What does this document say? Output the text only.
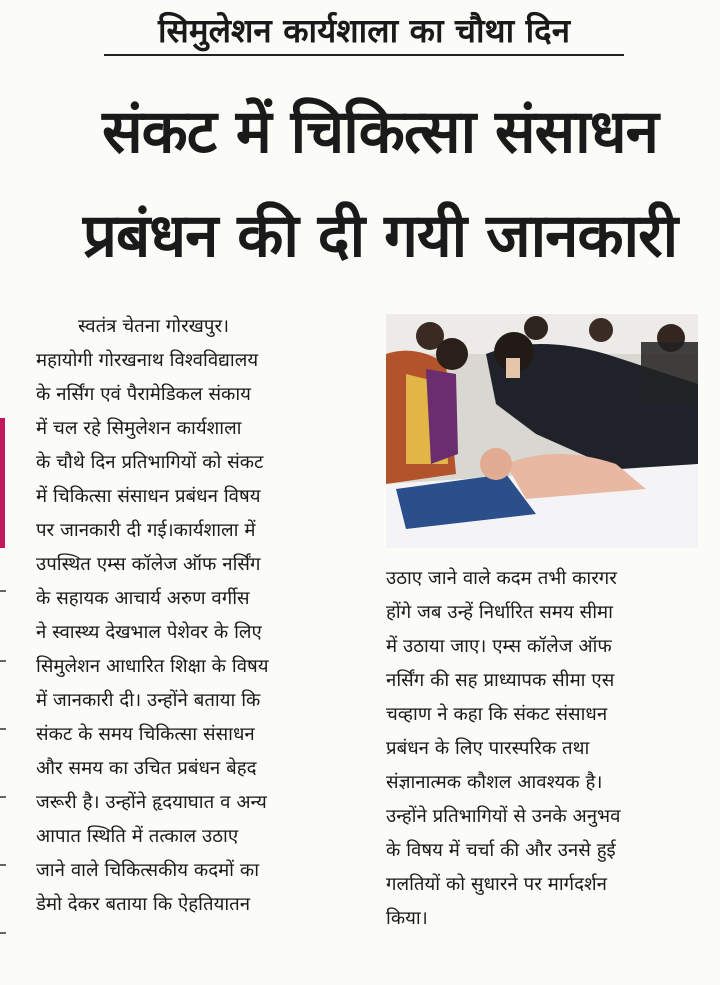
सिमुलेशन कार्यशाला का चौथा दिन
संकट में चिकित्सा संसाधन
प्रबंधन की दी गयी जानकारी
स्वतंत्र चेतना गोरखपुर।
महायोगी गोरखनाथ विश्वविद्यालय
के नर्सिंग एवं पैरामेडिकल संकाय
में चल रहे सिमुलेशन कार्यशाला
के चौथे दिन प्रतिभागियों को संकट
में चिकित्सा संसाधन प्रबंधन विषय
पर जानकारी दी गई।कार्यशाला में
उपस्थित एम्स कॉलेज ऑफ नर्सिंग
के सहायक आचार्य अरुण वर्गीस
ने स्वास्थ्य देखभाल पेशेवर के लिए
सिमुलेशन आधारित शिक्षा के विषय
में जानकारी दी। उन्होंने बताया कि
संकट के समय चिकित्सा संसाधन
और समय का उचित प्रबंधन बेहद
जरूरी है। उन्होंने हृदयाघात व अन्य
आपात स्थिति में तत्काल उठाए
जाने वाले चिकित्सकीय कदमों का
डेमो देकर बताया कि ऐहतियातन
उठाए जाने वाले कदम तभी कारगर
होंगे जब उन्हें निर्धारित समय सीमा
में उठाया जाए। एम्स कॉलेज ऑफ
नर्सिंग की सह प्राध्यापक सीमा एस
चव्हाण ने कहा कि संकट संसाधन
प्रबंधन के लिए पारस्परिक तथा
संज्ञानात्मक कौशल आवश्यक है।
उन्होंने प्रतिभागियों से उनके अनुभव
के विषय में चर्चा की और उनसे हुई
गलतियों को सुधारने पर मार्गदर्शन
किया।
